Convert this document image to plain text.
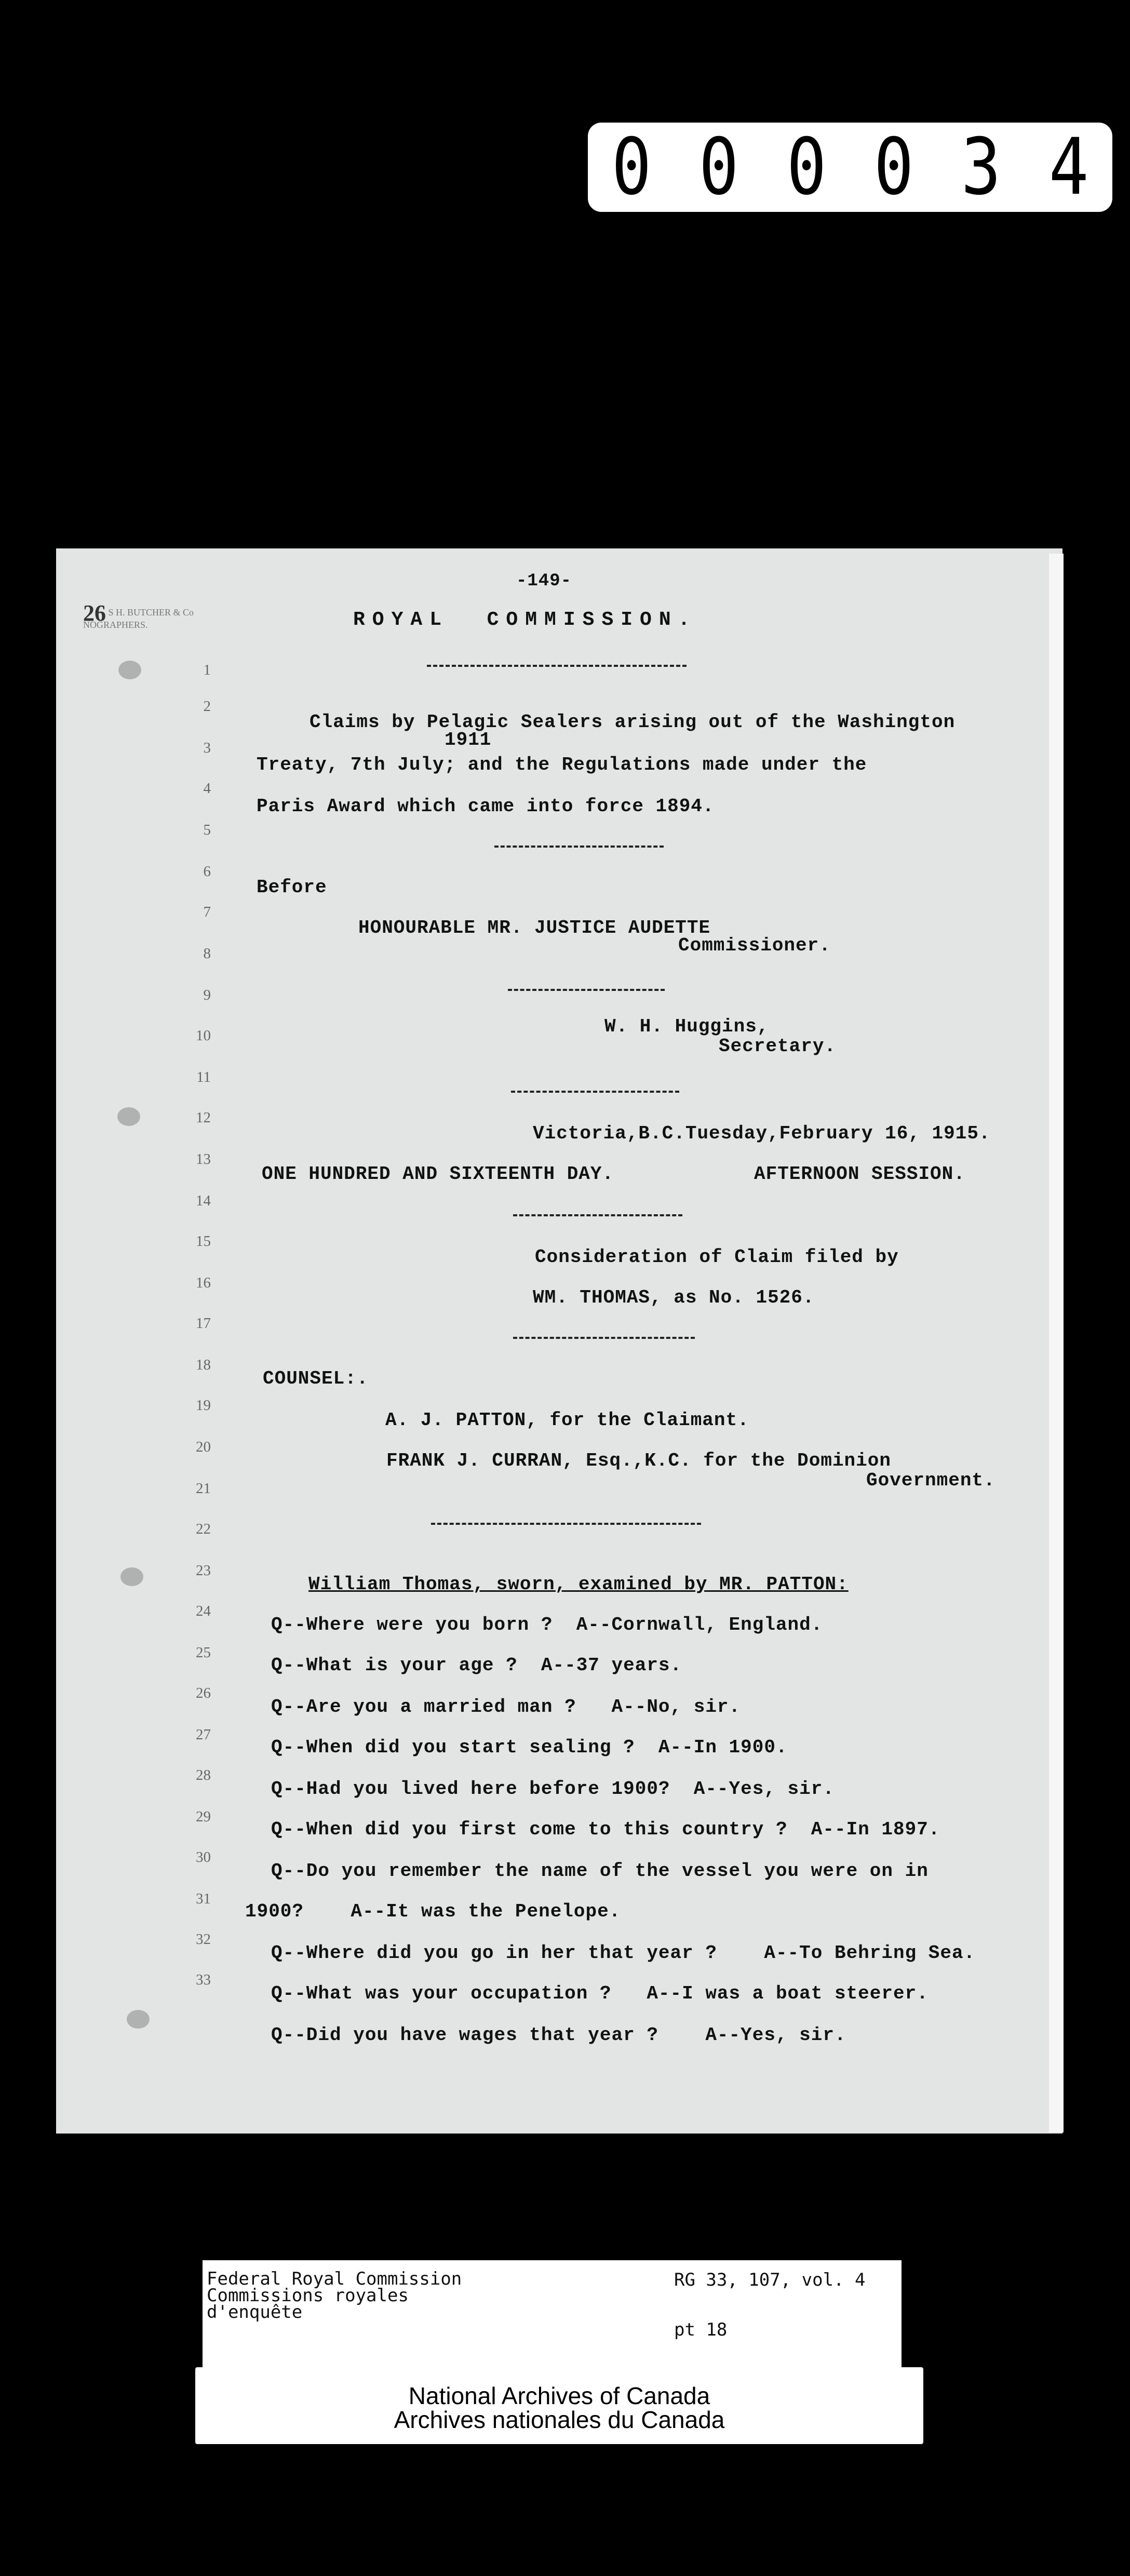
0 0 0 0 3 4
-149-
26 S H. BUTCHER & Co
NOGRAPHERS.	ROYAL  COMMISSION.
1
2
3
4
5
6
7
8
9
10
11
12
13
14
15
16
17
18
19
20
21
22
23
24
25
26
27
28
29
30
31
32
33
Claims by Pelagic Sealers arising out of the Washington
1911
Treaty, 7th July; and the Regulations made under the
Paris Award which came into force 1894.
Before
HONOURABLE MR. JUSTICE AUDETTE
Commissioner.
W. H. Huggins,
Secretary.
Victoria,B.C.Tuesday,February 16, 1915.
ONE HUNDRED AND SIXTEENTH DAY.	AFTERNOON SESSION.
Consideration of Claim filed by
WM. THOMAS, as No. 1526.
COUNSEL:.
A. J. PATTON, for the Claimant.
FRANK J. CURRAN, Esq.,K.C. for the Dominion
Government.
William Thomas, sworn, examined by MR. PATTON:
Q--Where were you born ?  A--Cornwall, England.
Q--What is your age ?  A--37 years.
Q--Are you a married man ?   A--No, sir.
Q--When did you start sealing ?  A--In 1900.
Q--Had you lived here before 1900?  A--Yes, sir.
Q--When did you first come to this country ?  A--In 1897.
Q--Do you remember the name of the vessel you were on in
1900?    A--It was the Penelope.
Q--Where did you go in her that year ?    A--To Behring Sea.
Q--What was your occupation ?   A--I was a boat steerer.
Q--Did you have wages that year ?    A--Yes, sir.
Federal Royal Commission
Commissions royales
d'enquête
RG 33, 107, vol. 4
pt 18
National Archives of Canada
Archives nationales du Canada
